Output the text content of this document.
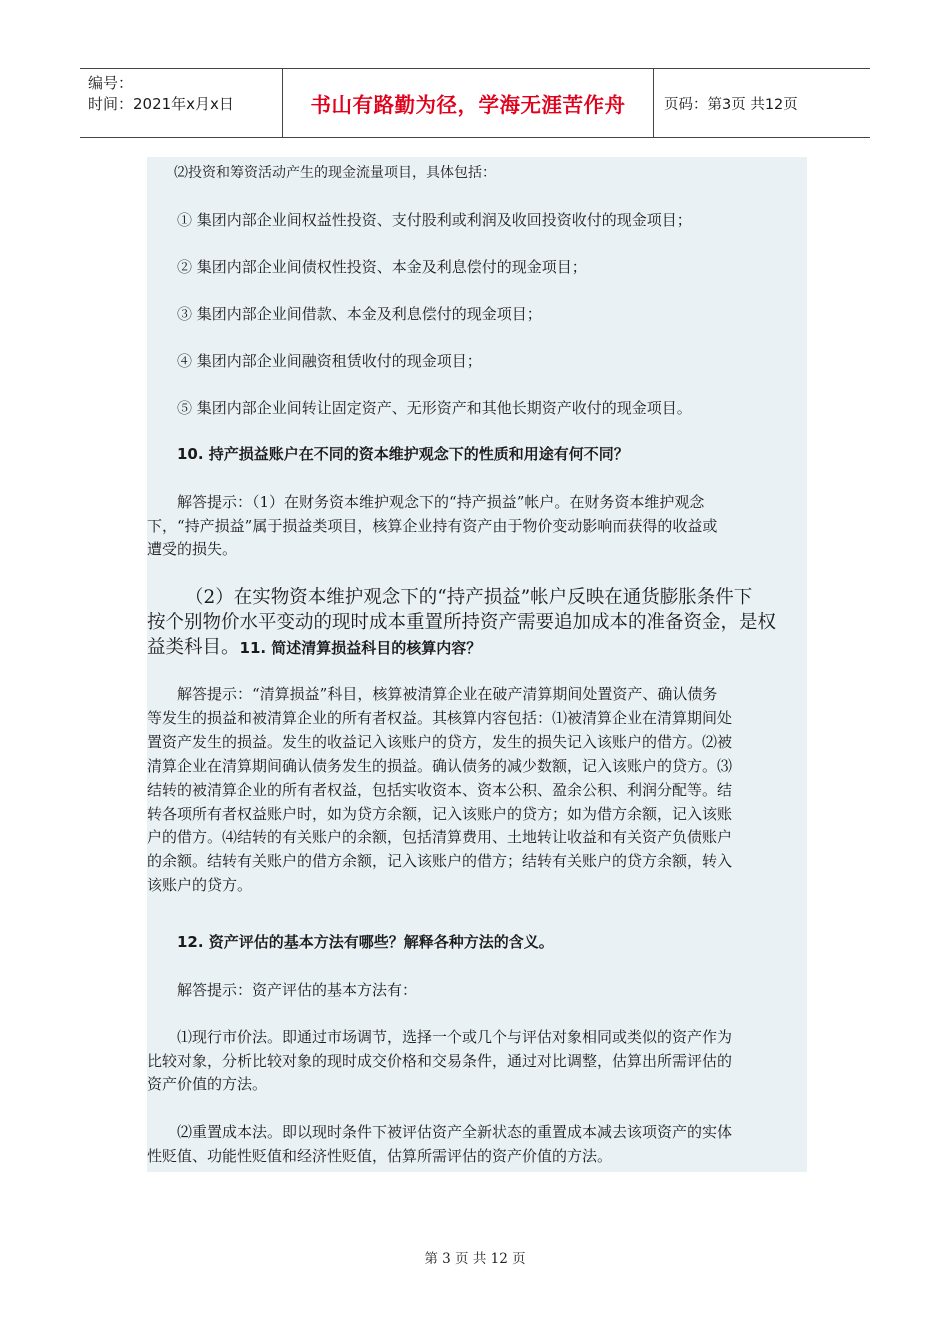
编号：
时间：2021年x月x日	书山有路勤为径，学海无涯苦作舟	页码：第3页 共12页

⑵投资和筹资活动产生的现金流量项目，具体包括：

① 集团内部企业间权益性投资、支付股利或利润及收回投资收付的现金项目；

② 集团内部企业间债权性投资、本金及利息偿付的现金项目；

③ 集团内部企业间借款、本金及利息偿付的现金项目；

④ 集团内部企业间融资租赁收付的现金项目；

⑤ 集团内部企业间转让固定资产、无形资产和其他长期资产收付的现金项目。

10. 持产损益账户在不同的资本维护观念下的性质和用途有何不同？

解答提示：（1）在财务资本维护观念下的“持产损益”帐户。在财务资本维护观念
下，“持产损益”属于损益类项目，核算企业持有资产由于物价变动影响而获得的收益或
遭受的损失。

（2）在实物资本维护观念下的“持产损益”帐户反映在通货膨胀条件下
按个别物价水平变动的现时成本重置所持资产需要追加成本的准备资金，是权
益类科目。11. 简述清算损益科目的核算内容？

解答提示：“清算损益”科目，核算被清算企业在破产清算期间处置资产、确认债务
等发生的损益和被清算企业的所有者权益。其核算内容包括：⑴被清算企业在清算期间处
置资产发生的损益。发生的收益记入该账户的贷方，发生的损失记入该账户的借方。⑵被
清算企业在清算期间确认债务发生的损益。确认债务的减少数额，记入该账户的贷方。⑶
结转的被清算企业的所有者权益，包括实收资本、资本公积、盈余公积、利润分配等。结
转各项所有者权益账户时，如为贷方余额，记入该账户的贷方；如为借方余额，记入该账
户的借方。⑷结转的有关账户的余额，包括清算费用、土地转让收益和有关资产负债账户
的余额。结转有关账户的借方余额，记入该账户的借方；结转有关账户的贷方余额，转入
该账户的贷方。

12. 资产评估的基本方法有哪些？解释各种方法的含义。

解答提示：资产评估的基本方法有：

⑴现行市价法。即通过市场调节，选择一个或几个与评估对象相同或类似的资产作为
比较对象，分析比较对象的现时成交价格和交易条件，通过对比调整，估算出所需评估的
资产价值的方法。

⑵重置成本法。即以现时条件下被评估资产全新状态的重置成本减去该项资产的实体
性贬值、功能性贬值和经济性贬值，估算所需评估的资产价值的方法。

第 3 页 共 12 页
